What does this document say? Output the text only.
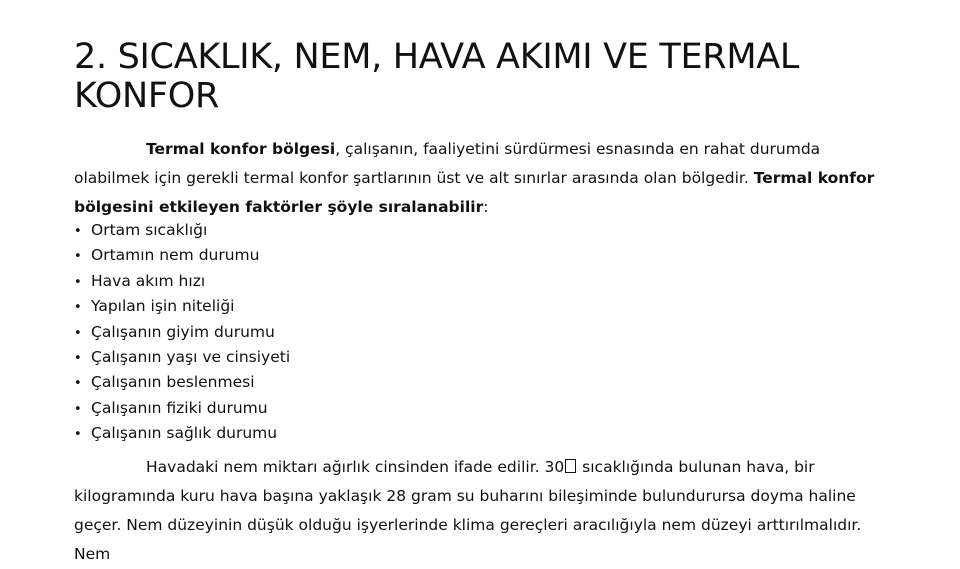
2. SICAKLIK, NEM, HAVA AKIMI VE TERMAL KONFOR

Termal konfor bölgesi, çalışanın, faaliyetini sürdürmesi esnasında en rahat durumda olabilmek için gerekli termal konfor şartlarının üst ve alt sınırlar arasında olan bölgedir. Termal konfor bölgesini etkileyen faktörler şöyle sıralanabilir:

• Ortam sıcaklığı
• Ortamın nem durumu
• Hava akım hızı
• Yapılan işin niteliği
• Çalışanın giyim durumu
• Çalışanın yaşı ve cinsiyeti
• Çalışanın beslenmesi
• Çalışanın fiziki durumu
• Çalışanın sağlık durumu

Havadaki nem miktarı ağırlık cinsinden ifade edilir. 30 sıcaklığında bulunan hava, bir kilogramında kuru hava başına yaklaşık 28 gram su buharını bileşiminde bulundurursa doyma haline geçer. Nem düzeyinin düşük olduğu işyerlerinde klima gereçleri aracılığıyla nem düzeyi arttırılmalıdır. Nem
